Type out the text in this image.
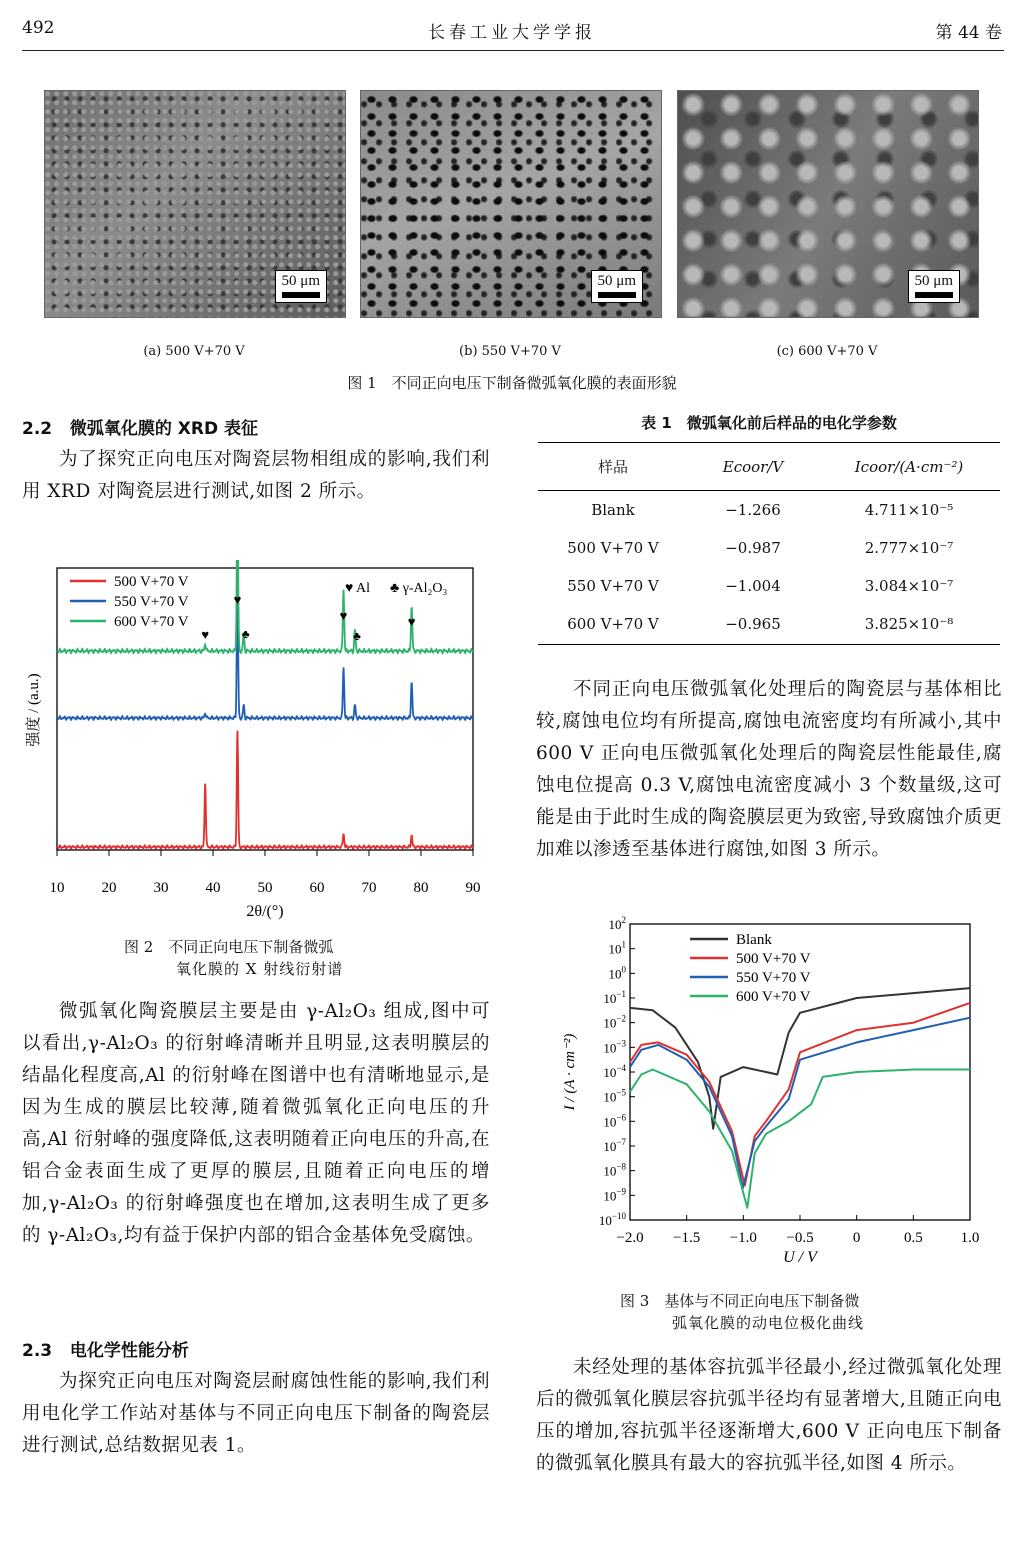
492	长春工业大学学报	第 44 卷
50 μm	50 μm	50 μm
(a) 500 V+70 V	(b) 550 V+70 V	(c) 600 V+70 V
图 1　不同正向电压下制备微弧氧化膜的表面形貌
2.2 微弧氧化膜的 XRD 表征
为了探究正向电压对陶瓷层物相组成的影响,我们利用 XRD 对陶瓷层进行测试,如图 2 所示。
10 20 30 40 50 60 70 80 90
♥
♥
♥	♥
♣	♣
500 V+70 V
550 V+70 V
600 V+70 V
♥ Al ♣ γ-Al₂O₃
2θ/(°)
强度 / (a.u.)
图 2　不同正向电压下制备微弧
氧化膜的 X 射线衍射谱
微弧氧化陶瓷膜层主要是由 γ-Al₂O₃ 组成,图中可以看出,γ-Al₂O₃ 的衍射峰清晰并且明显,这表明膜层的结晶化程度高,Al 的衍射峰在图谱中也有清晰地显示,是因为生成的膜层比较薄,随着微弧氧化正向电压的升高,Al 衍射峰的强度降低,这表明随着正向电压的升高,在铝合金表面生成了更厚的膜层,且随着正向电压的增加,γ-Al₂O₃ 的衍射峰强度也在增加,这表明生成了更多的 γ-Al₂O₃,均有益于保护内部的铝合金基体免受腐蚀。
2.3 电化学性能分析
为探究正向电压对陶瓷层耐腐蚀性能的影响,我们利用电化学工作站对基体与不同正向电压下制备的陶瓷层进行测试,总结数据见表 1。
表 1　微弧氧化前后样品的电化学参数
样品	Ecoor/V	Icoor/(A·cm⁻²)
Blank	−1.266	4.711×10⁻⁵
500 V+70 V	−0.987	2.777×10⁻⁷
550 V+70 V	−1.004	3.084×10⁻⁷
600 V+70 V	−0.965	3.825×10⁻⁸
不同正向电压微弧氧化处理后的陶瓷层与基体相比较,腐蚀电位均有所提高,腐蚀电流密度均有所减小,其中 600 V 正向电压微弧氧化处理后的陶瓷层性能最佳,腐蚀电位提高 0.3 V,腐蚀电流密度减小 3 个数量级,这可能是由于此时生成的陶瓷膜层更为致密,导致腐蚀介质更加难以渗透至基体进行腐蚀,如图 3 所示。
$10^2$
$10^1$
$10^0$
$10^{-1}$
$10^{-2}$
$10^{-3}$
$10^{-4}$
$10^{-5}$
$10^{-6}$
$10^{-7}$
$10^{-8}$
$10^{-9}$
$10^{-10}$
−2.0 −1.5 −1.0 −0.5	0	0.5	1.0
Blank
500 V+70 V
550 V+70 V
600 V+70 V
U / V
I / (A · cm⁻²)
图 3　基体与不同正向电压下制备微
弧氧化膜的动电位极化曲线
未经处理的基体容抗弧半径最小,经过微弧氧化处理后的微弧氧化膜层容抗弧半径均有显著增大,且随正向电压的增加,容抗弧半径逐渐增大,600 V 正向电压下制备的微弧氧化膜具有最大的容抗弧半径,如图 4 所示。
